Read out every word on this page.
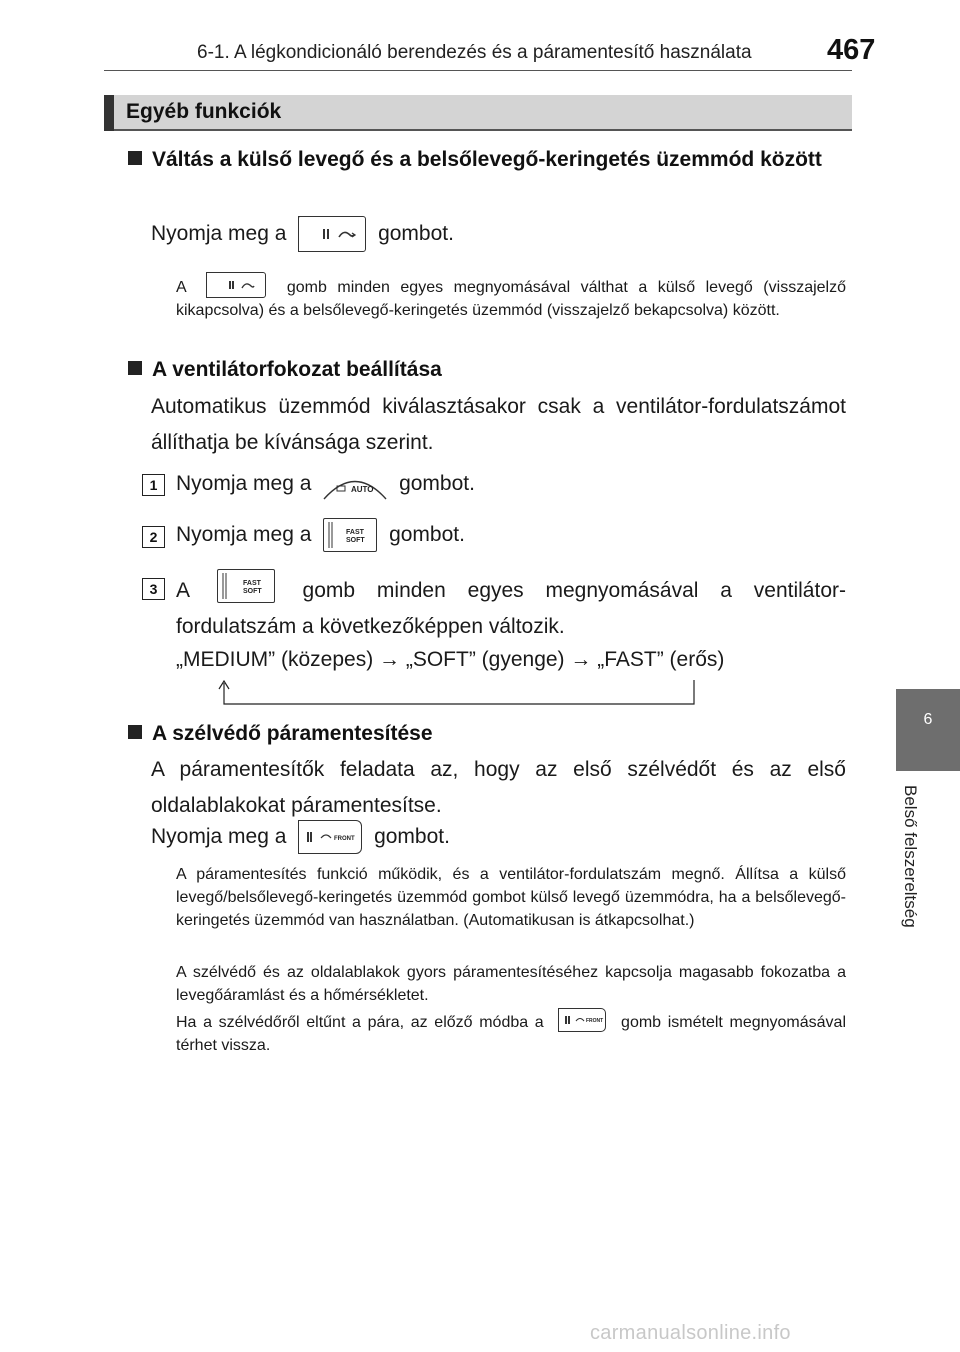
6-1. A légkondicionáló berendezés és a páramentesítő használata	467
Egyéb funkciók
6
Belső felszereltség
Váltás a külső levegő és a belsőlevegő-keringetés üzemmód között
Nyomja meg a	gombot.
A	gomb minden egyes megnyomásával válthat a külső levegő (visszajelző kikapcsolva) és a belsőlevegő-keringetés üzemmód (visszajelző bekapcsolva) között.
A ventilátorfokozat beállítása
Automatikus üzemmód kiválasztásakor csak a ventilátor-fordulatszámot állíthatja be kívánsága szerint.
1 Nyomja meg a	AUTO gombot.
2 Nyomja meg a	FAST
SOFT gombot.
3 A	FAST
SOFT gomb minden egyes megnyomásával a ventilátor-fordulatszám a következőképpen változik.
„MEDIUM” (közepes) → „SOFT” (gyenge) → „FAST” (erős)
A szélvédő páramentesítése
A páramentesítők feladata az, hogy az első szélvédőt és az első oldalablakokat páramentesítse.
Nyomja meg a	FRONT gombot.
A páramentesítés funkció működik, és a ventilátor-fordulatszám megnő. Állítsa a külső levegő/belsőlevegő-keringetés üzemmód gombot külső levegő üzemmódra, ha a belsőlevegő-keringetés üzemmód van használatban. (Automatikusan is átkapcsolhat.)
A szélvédő és az oldalablakok gyors páramentesítéséhez kapcsolja magasabb fokozatba a levegőáramlást és a hőmérsékletet.
Ha a szélvédőről eltűnt a pára, az előző módba a	FRONT gomb ismételt megnyomásával térhet vissza.
carmanualsonline.info
